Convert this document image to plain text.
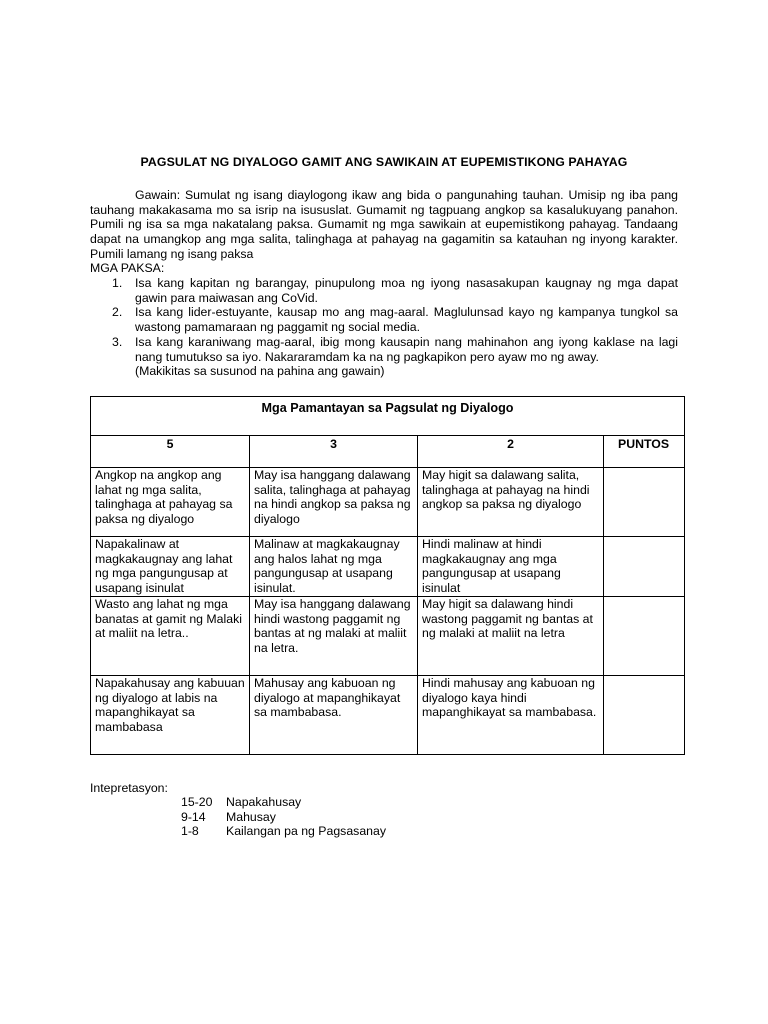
PAGSULAT NG DIYALOGO GAMIT ANG SAWIKAIN AT EUPEMISTIKONG PAHAYAG

Gawain: Sumulat ng isang diaylogong ikaw ang bida o pangunahing tauhan. Umisip ng iba pang tauhang makakasama mo sa isrip na isususlat. Gumamit ng tagpuang angkop sa kasalukuyang panahon. Pumili ng isa sa mga nakatalang paksa. Gumamit ng mga sawikain at eupemistikong pahayag. Tandaang dapat na umangkop ang mga salita, talinghaga at pahayag na gagamitin sa katauhan ng inyong karakter. Pumili lamang ng isang paksa

MGA PAKSA:
1. Isa kang kapitan ng barangay, pinupulong moa ng iyong nasasakupan kaugnay ng mga dapat gawin para maiwasan ang CoVid.
2. Isa kang lider-estuyante, kausap mo ang mag-aaral. Maglulunsad kayo ng kampanya tungkol sa wastong pamamaraan ng paggamit ng social media.
3. Isa kang karaniwang mag-aaral, ibig mong kausapin nang mahinahon ang iyong kaklase na lagi nang tumutukso sa iyo. Nakararamdam ka na ng pagkapikon pero ayaw mo ng away.
(Makikitas sa susunod na pahina ang gawain)
Mga Pamantayan sa Pagsulat ng Diyalogo			
5	3	2	PUNTOS
Angkop na angkop ang lahat ng mga salita, talinghaga at pahayag sa paksa ng diyalogo	May isa hanggang dalawang salita, talinghaga at pahayag na hindi angkop sa paksa ng diyalogo	May higit sa dalawang salita, talinghaga at pahayag na hindi angkop sa paksa ng diyalogo	
Napakalinaw at magkakaugnay ang lahat ng mga pangungusap at usapang isinulat	Malinaw at magkakaugnay ang halos lahat ng mga pangungusap at usapang isinulat.	Hindi malinaw at hindi magkakaugnay ang mga pangungusap at usapang isinulat	
Wasto ang lahat ng mga banatas at gamit ng Malaki at maliit na letra..	May isa hanggang dalawang hindi wastong paggamit ng bantas at ng malaki at maliit na letra.	May higit sa dalawang hindi wastong paggamit ng bantas at ng malaki at maliit na letra	
Napakahusay ang kabuuan ng diyalogo at labis na mapanghikayat sa mambabasa	Mahusay ang kabuoan ng diyalogo at mapanghikayat sa mambabasa.	Hindi mahusay ang kabuoan ng diyalogo kaya hindi mapanghikayat sa mambabasa.	
Intepretasyon:
15-20 Napakahusay
9-14 Mahusay
1-8 Kailangan pa ng Pagsasanay
